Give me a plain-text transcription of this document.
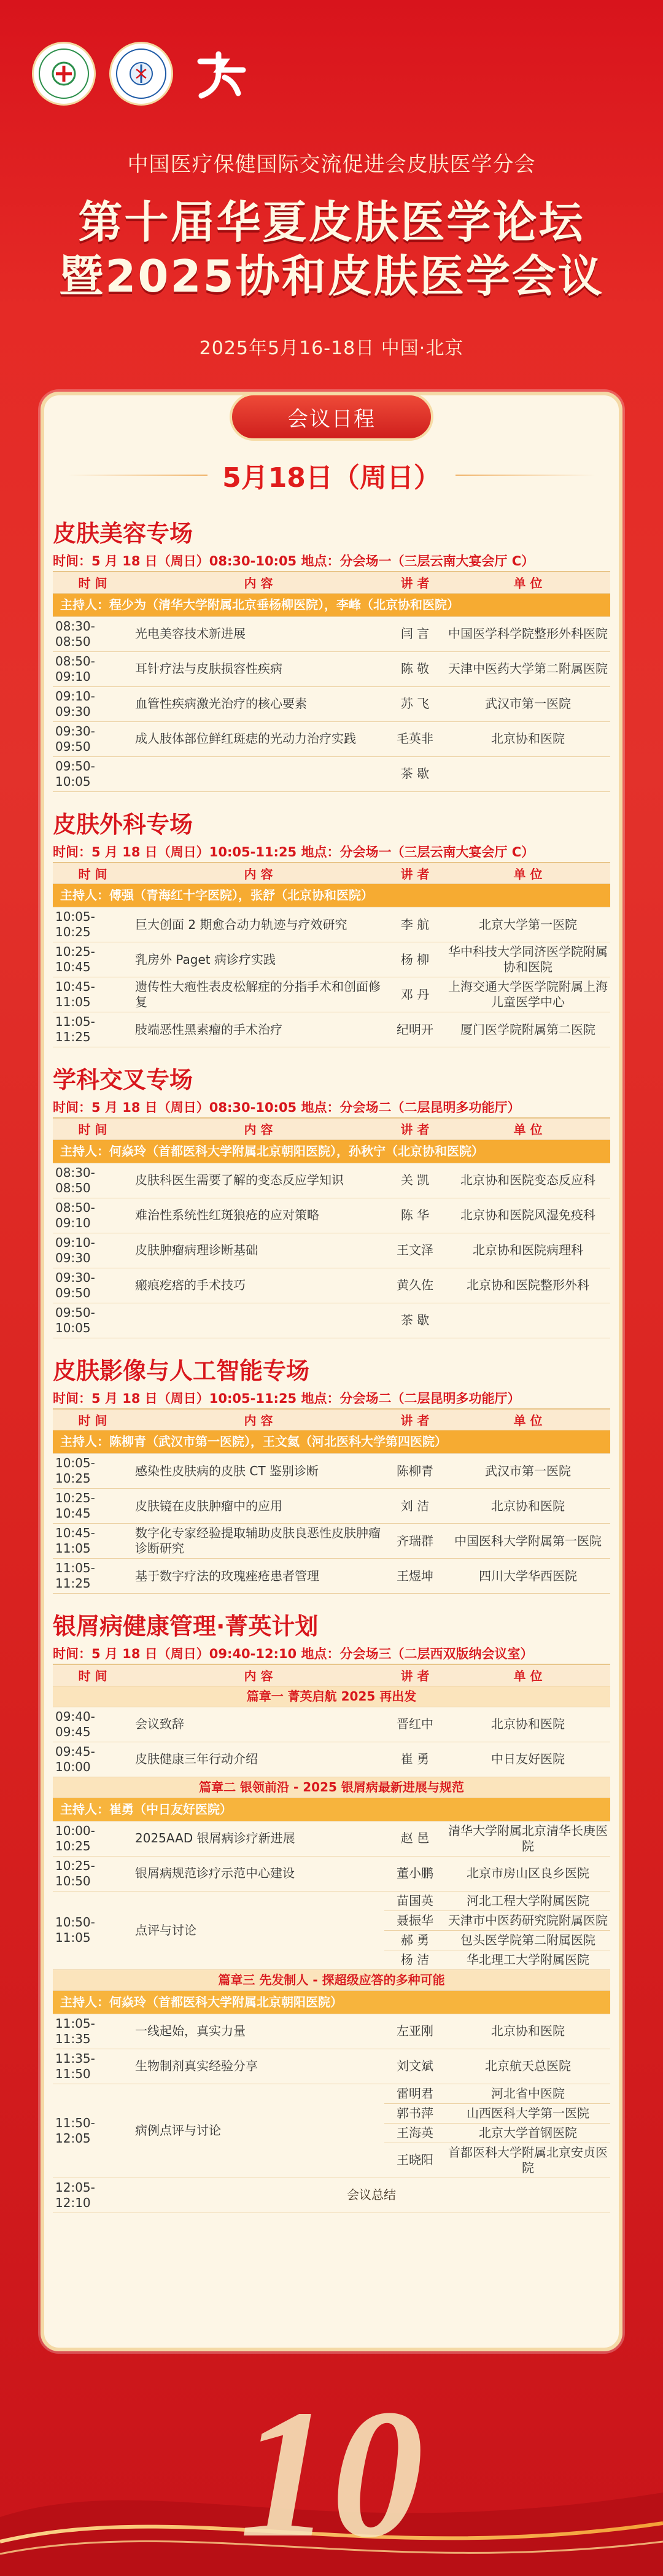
中国医疗保健国际交流促进会皮肤医学分会
第十届华夏皮肤医学论坛
暨2025协和皮肤医学会议
2025年5月16-18日 中国·北京
会议日程
5月18日（周日）
皮肤美容专场
时间：5 月 18 日（周日）08:30-10:05 地点：分会场一（三层云南大宴会厅 C）
时 间	内 容	讲 者	单 位
主持人：程少为（清华大学附属北京垂杨柳医院），李峰（北京协和医院）			
08:30-08:50	光电美容技术新进展	闫 言	中国医学科学院整形外科医院
08:50-09:10	耳针疗法与皮肤损容性疾病	陈 敬	天津中医药大学第二附属医院
09:10-09:30	血管性疾病激光治疗的核心要素	苏 飞	武汉市第一医院
09:30-09:50	成人肢体部位鲜红斑痣的光动力治疗实践	毛英非	北京协和医院
09:50-10:05		茶 歇	
皮肤外科专场
时间：5 月 18 日（周日）10:05-11:25 地点：分会场一（三层云南大宴会厅 C）
时 间	内 容	讲 者	单 位
主持人：傅强（青海红十字医院），张舒（北京协和医院）			
10:05-10:25	巨大创面 2 期愈合动力轨迹与疗效研究	李 航	北京大学第一医院
10:25-10:45	乳房外 Paget 病诊疗实践	杨 柳	华中科技大学同济医学院附属协和医院
10:45-11:05	遗传性大疱性表皮松解症的分指手术和创面修复	邓 丹	上海交通大学医学院附属上海儿童医学中心
11:05-11:25	肢端恶性黑素瘤的手术治疗	纪明开	厦门医学院附属第二医院
学科交叉专场
时间：5 月 18 日（周日）08:30-10:05 地点：分会场二（二层昆明多功能厅）
时 间	内 容	讲 者	单 位
主持人：何焱玲（首都医科大学附属北京朝阳医院），孙秋宁（北京协和医院）			
08:30-08:50	皮肤科医生需要了解的变态反应学知识	关 凯	北京协和医院变态反应科
08:50-09:10	难治性系统性红斑狼疮的应对策略	陈 华	北京协和医院风湿免疫科
09:10-09:30	皮肤肿瘤病理诊断基础	王文泽	北京协和医院病理科
09:30-09:50	瘢痕疙瘩的手术技巧	黄久佐	北京协和医院整形外科
09:50-10:05		茶 歇	
皮肤影像与人工智能专场
时间：5 月 18 日（周日）10:05-11:25 地点：分会场二（二层昆明多功能厅）
时 间	内 容	讲 者	单 位
主持人：陈柳青（武汉市第一医院），王文氦（河北医科大学第四医院）			
10:05-10:25	感染性皮肤病的皮肤 CT 鉴别诊断	陈柳青	武汉市第一医院
10:25-10:45	皮肤镜在皮肤肿瘤中的应用	刘 洁	北京协和医院
10:45-11:05	数字化专家经验提取辅助皮肤良恶性皮肤肿瘤诊断研究	齐瑞群	中国医科大学附属第一医院
11:05-11:25	基于数字疗法的玫瑰痤疮患者管理	王煜坤	四川大学华西医院
银屑病健康管理·菁英计划
时间：5 月 18 日（周日）09:40-12:10 地点：分会场三（二层西双版纳会议室）
时 间	内 容	讲 者	单 位
篇章一 菁英启航 2025 再出发			
09:40-09:45	会议致辞	晋红中	北京协和医院
09:45-10:00	皮肤健康三年行动介绍	崔 勇	中日友好医院
篇章二 银领前沿 - 2025 银屑病最新进展与规范			
主持人：崔勇（中日友好医院）			
10:00-10:25	2025AAD 银屑病诊疗新进展	赵 邑	清华大学附属北京清华长庚医院
10:25-10:50	银屑病规范诊疗示范中心建设	董小鹏	北京市房山区良乡医院
10:50-11:05	点评与讨论	苗国英	河北工程大学附属医院
		聂振华	天津市中医药研究院附属医院
		郝 勇	包头医学院第二附属医院
		杨 洁	华北理工大学附属医院
篇章三 先发制人 - 探超级应答的多种可能			
主持人：何焱玲（首都医科大学附属北京朝阳医院）			
11:05-11:35	一线起始，真实力量	左亚刚	北京协和医院
11:35-11:50	生物制剂真实经验分享	刘文斌	北京航天总医院
11:50-12:05	病例点评与讨论	雷明君	河北省中医院
		郭书萍	山西医科大学第一医院
		王海英	北京大学首钢医院
		王晓阳	首都医科大学附属北京安贞医院
12:05-12:10	会议总结		
10
